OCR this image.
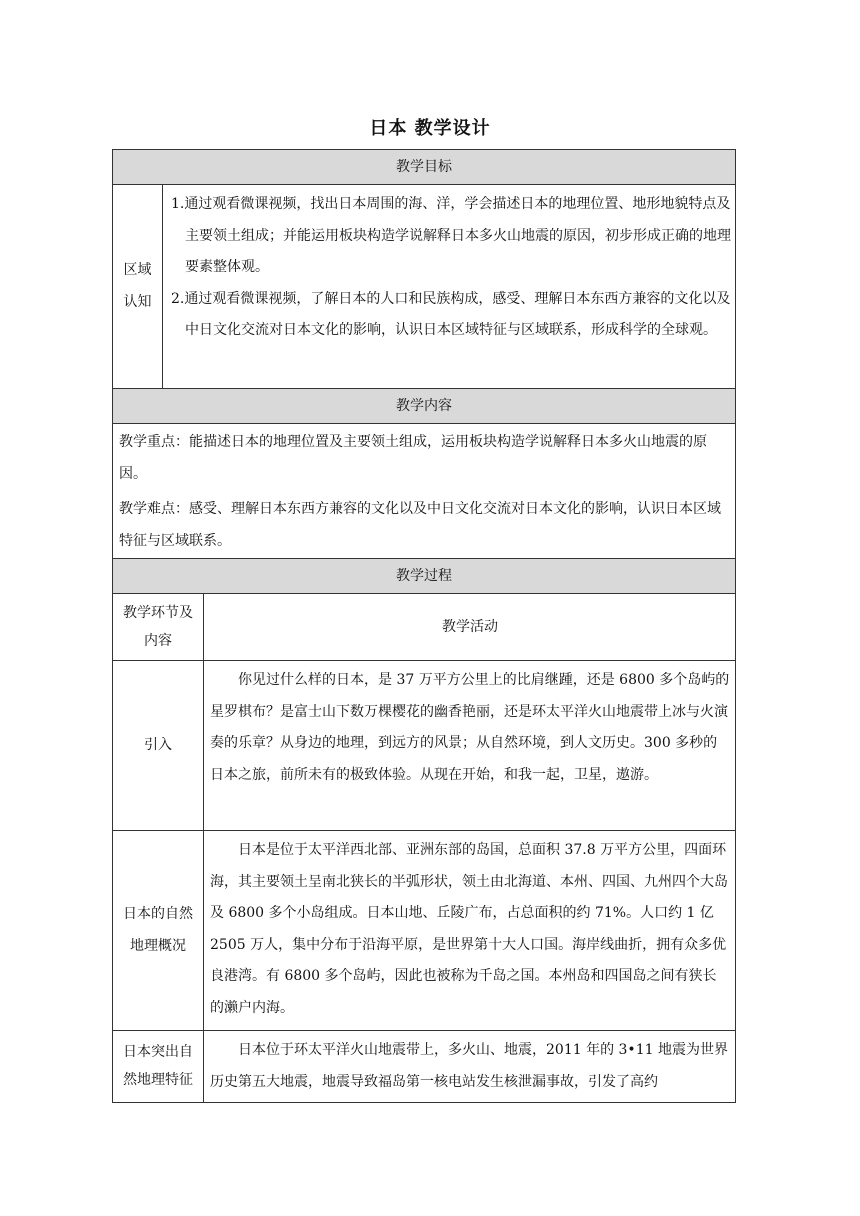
日本 教学设计
教学目标
区域
认知

1.通过观看微课视频，找出日本周围的海、洋，学会描述日本的地理位置、地形地貌特点及主要领土组成；并能运用板块构造学说解释日本多火山地震的原因，初步形成正确的地理要素整体观。

2.通过观看微课视频，了解日本的人口和民族构成，感受、理解日本东西方兼容的文化以及中日文化交流对日本文化的影响，认识日本区域特征与区域联系，形成科学的全球观。

教学内容

教学重点：能描述日本的地理位置及主要领土组成，运用板块构造学说解释日本多火山地震的原因。

教学难点：感受、理解日本东西方兼容的文化以及中日文化交流对日本文化的影响，认识日本区域特征与区域联系。

教学过程
教学环节及
内容
教学活动
引入

你见过什么样的日本，是 37 万平方公里上的比肩继踵，还是 6800 多个岛屿的星罗棋布？是富士山下数万棵樱花的幽香艳丽，还是环太平洋火山地震带上冰与火演奏的乐章？从身边的地理，到远方的风景；从自然环境，到人文历史。300 多秒的日本之旅，前所未有的极致体验。从现在开始，和我一起，卫星，遨游。

日本的自然
地理概况

日本是位于太平洋西北部、亚洲东部的岛国，总面积 37.8 万平方公里，四面环海，其主要领土呈南北狭长的半弧形状，领土由北海道、本州、四国、九州四个大岛及 6800 多个小岛组成。日本山地、丘陵广布，占总面积的约 71%。人口约 1 亿 2505 万人，集中分布于沿海平原，是世界第十大人口国。海岸线曲折，拥有众多优良港湾。有 6800 多个岛屿，因此也被称为千岛之国。本州岛和四国岛之间有狭长的濑户内海。

日本突出自
然地理特征

日本位于环太平洋火山地震带上，多火山、地震，2011 年的 3•11 地震为世界历史第五大地震，地震导致福岛第一核电站发生核泄漏事故，引发了高约
